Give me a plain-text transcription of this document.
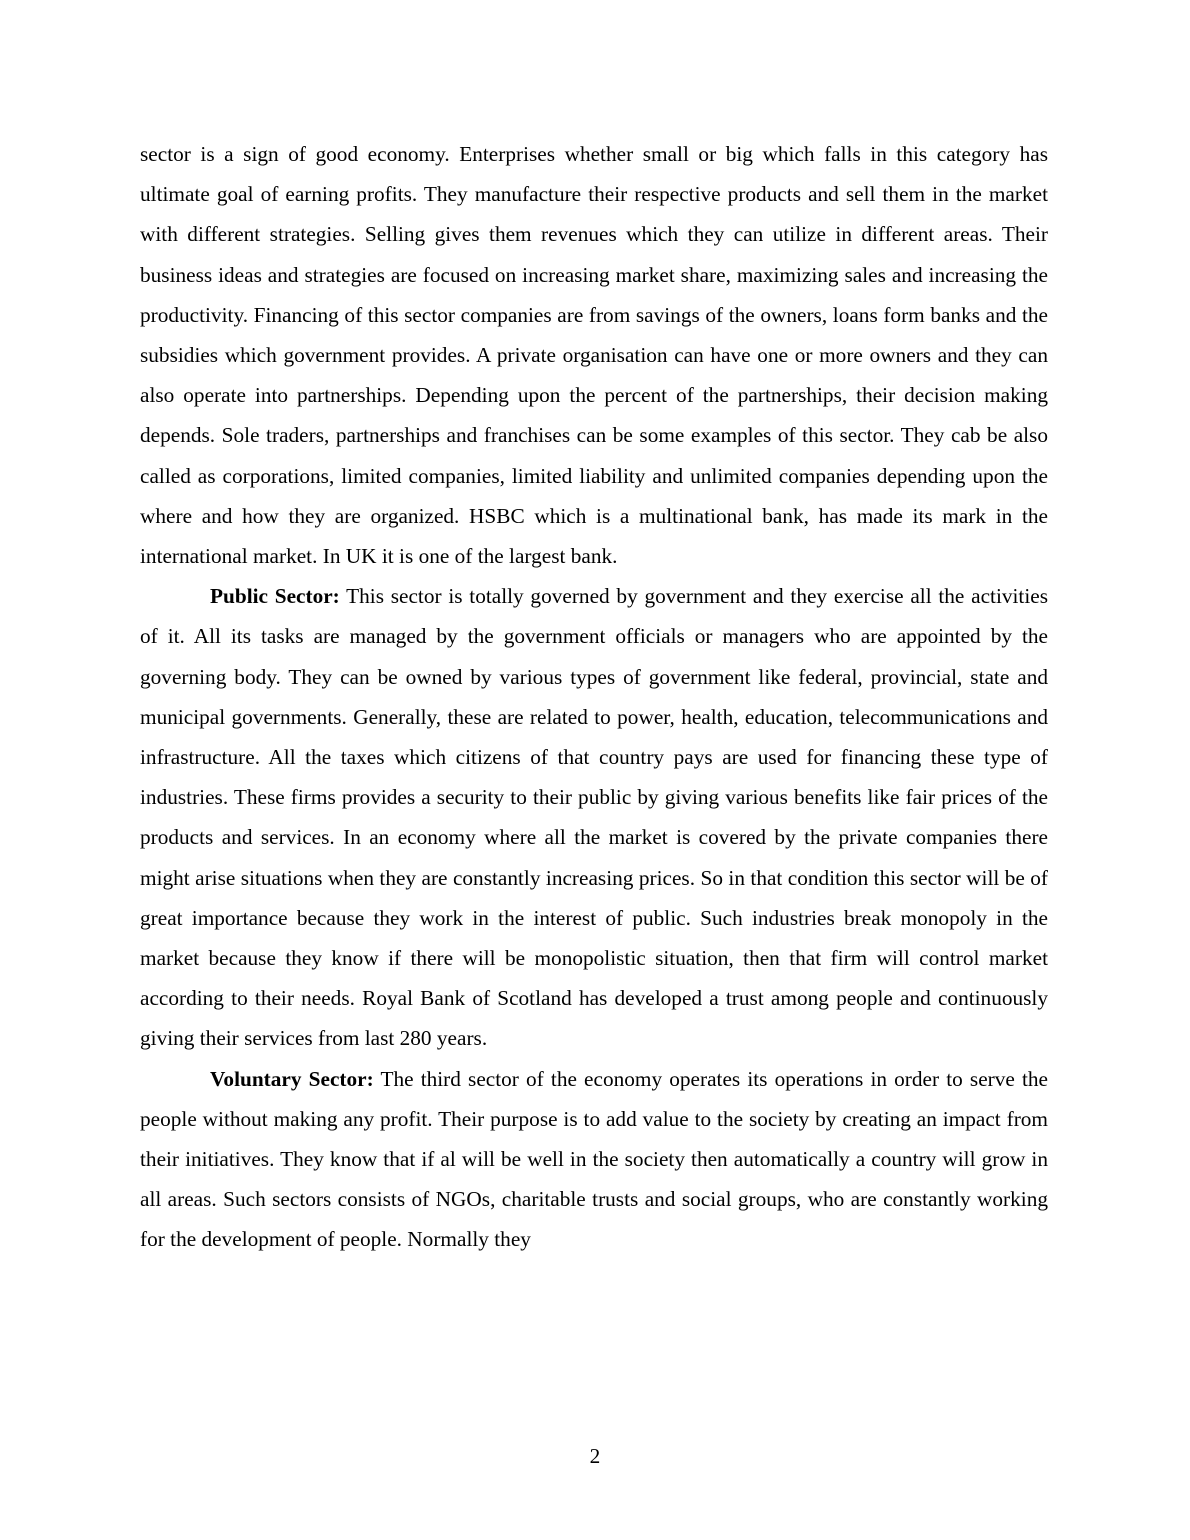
sector is a sign of good economy. Enterprises whether small or big which falls in this category has ultimate goal of earning profits. They manufacture their respective products and sell them in the market with different strategies. Selling gives them revenues which they can utilize in different areas. Their business ideas and strategies are focused on increasing market share, maximizing sales and increasing the productivity. Financing of this sector companies are from savings of the owners, loans form banks and the subsidies which government provides. A private organisation can have one or more owners and they can also operate into partnerships. Depending upon the percent of the partnerships, their decision making depends. Sole traders, partnerships and franchises can be some examples of this sector. They cab be also called as corporations, limited companies, limited liability and unlimited companies depending upon the where and how they are organized. HSBC which is a multinational bank, has made its mark in the international market. In UK it is one of the largest bank.

Public Sector: This sector is totally governed by government and they exercise all the activities of it. All its tasks are managed by the government officials or managers who are appointed by the governing body. They can be owned by various types of government like federal, provincial, state and municipal governments. Generally, these are related to power, health, education, telecommunications and infrastructure. All the taxes which citizens of that country pays are used for financing these type of industries. These firms provides a security to their public by giving various benefits like fair prices of the products and services. In an economy where all the market is covered by the private companies there might arise situations when they are constantly increasing prices. So in that condition this sector will be of great importance because they work in the interest of public. Such industries break monopoly in the market because they know if there will be monopolistic situation, then that firm will control market according to their needs. Royal Bank of Scotland has developed a trust among people and continuously giving their services from last 280 years.

Voluntary Sector: The third sector of the economy operates its operations in order to serve the people without making any profit. Their purpose is to add value to the society by creating an impact from their initiatives. They know that if al will be well in the society then automatically a country will grow in all areas. Such sectors consists of NGOs, charitable trusts and social groups, who are constantly working for the development of people. Normally they

2
